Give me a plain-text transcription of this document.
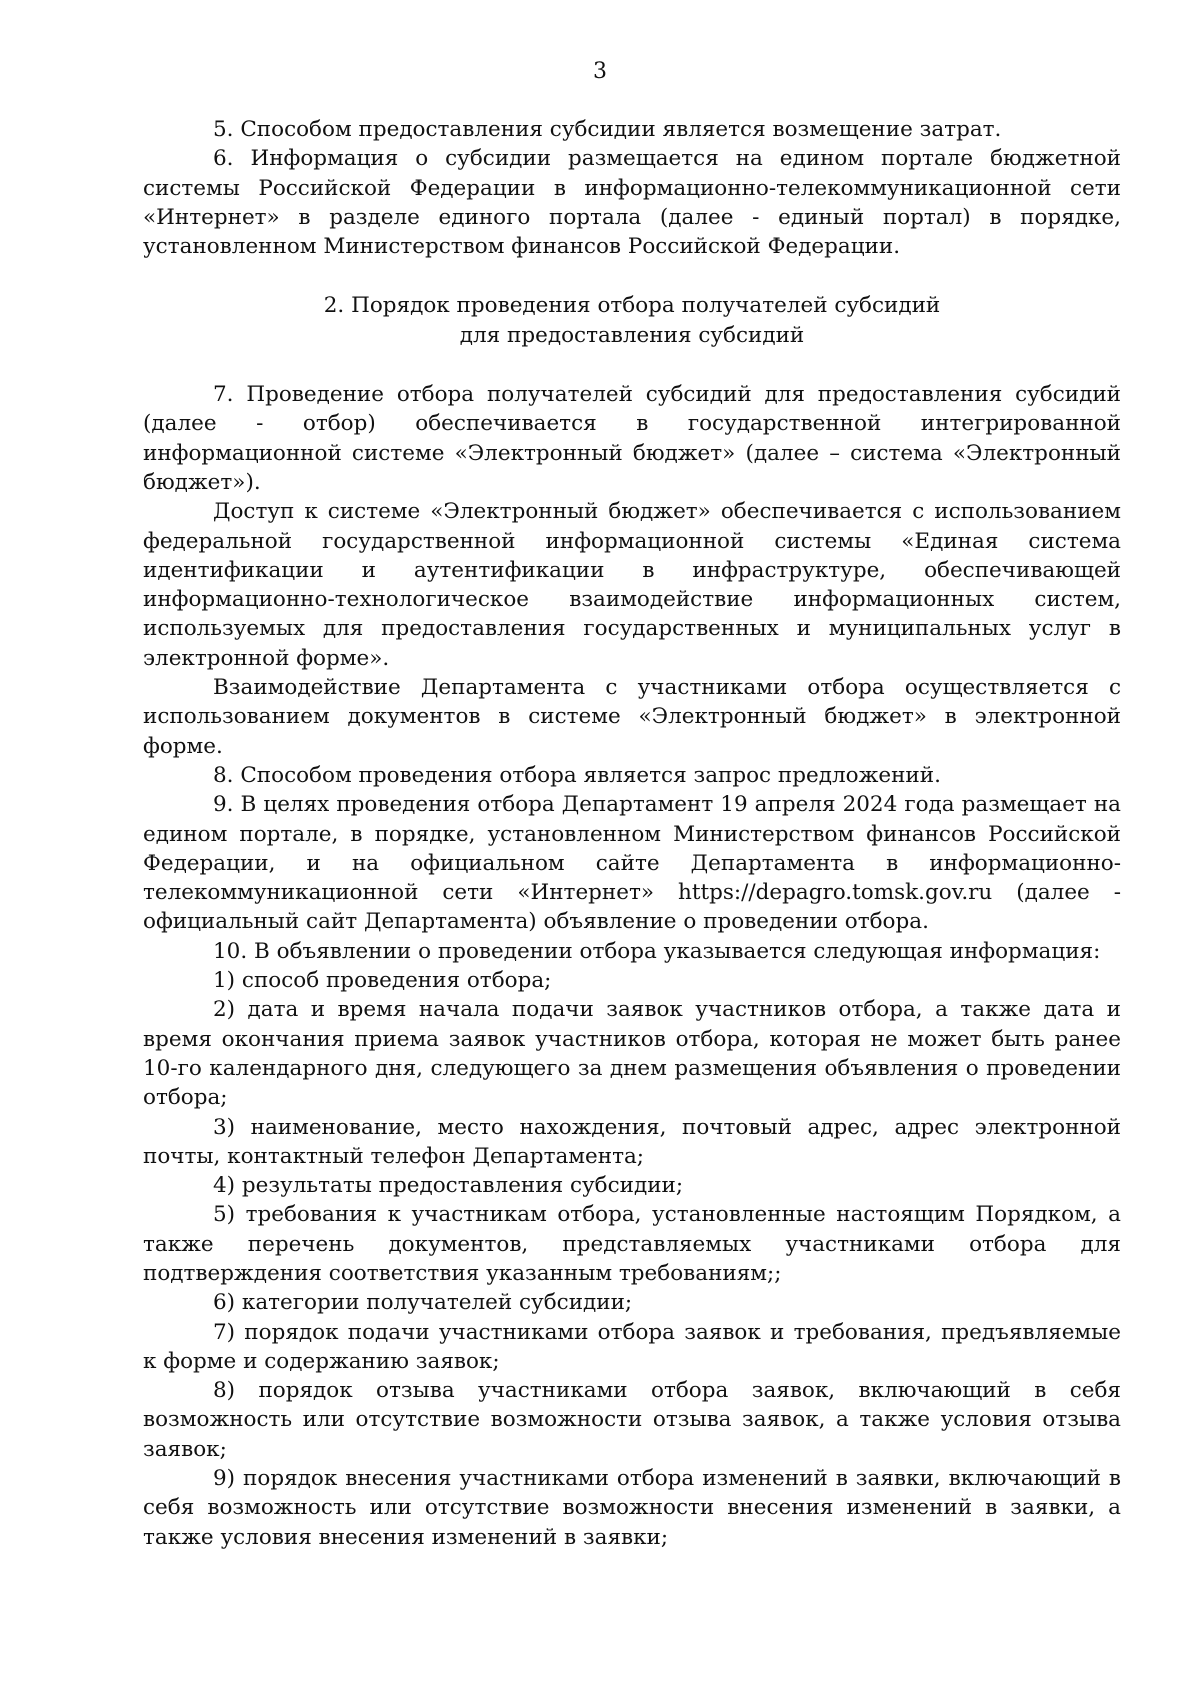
3

5. Способом предоставления субсидии является возмещение затрат.

6. Информация о субсидии размещается на едином портале бюджетной системы Российской Федерации в информационно-телекоммуникационной сети «Интернет» в разделе единого портала (далее - единый портал) в порядке, установленном Министерством финансов Российской Федерации.

2. Порядок проведения отбора получателей субсидий

для предоставления субсидий

7. Проведение отбора получателей субсидий для предоставления субсидий (далее - отбор) обеспечивается в государственной интегрированной информационной системе «Электронный бюджет» (далее – система «Электронный бюджет»).

Доступ к системе «Электронный бюджет» обеспечивается с использованием федеральной государственной информационной системы «Единая система идентификации и аутентификации в инфраструктуре, обеспечивающей информационно-технологическое взаимодействие информационных систем, используемых для предоставления государственных и муниципальных услуг в электронной форме».

Взаимодействие Департамента с участниками отбора осуществляется с использованием документов в системе «Электронный бюджет» в электронной форме.

8. Способом проведения отбора является запрос предложений.

9. В целях проведения отбора Департамент 19 апреля 2024 года размещает на едином портале, в порядке, установленном Министерством финансов Российской Федерации, и на официальном сайте Департамента в информационно-телекоммуникационной сети «Интернет» https://depagro.tomsk.gov.ru (далее - официальный сайт Департамента) объявление о проведении отбора.

10. В объявлении о проведении отбора указывается следующая информация:

1) способ проведения отбора;

2) дата и время начала подачи заявок участников отбора, а также дата и время окончания приема заявок участников отбора, которая не может быть ранее 10-го календарного дня, следующего за днем размещения объявления о проведении отбора;

3) наименование, место нахождения, почтовый адрес, адрес электронной почты, контактный телефон Департамента;

4) результаты предоставления субсидии;

5) требования к участникам отбора, установленные настоящим Порядком, а также перечень документов, представляемых участниками отбора для подтверждения соответствия указанным требованиям;;

6) категории получателей субсидии;

7) порядок подачи участниками отбора заявок и требования, предъявляемые к форме и содержанию заявок;

8) порядок отзыва участниками отбора заявок, включающий в себя возможность или отсутствие возможности отзыва заявок, а также условия отзыва заявок;

9) порядок внесения участниками отбора изменений в заявки, включающий в себя возможность или отсутствие возможности внесения изменений в заявки, а также условия внесения изменений в заявки;
